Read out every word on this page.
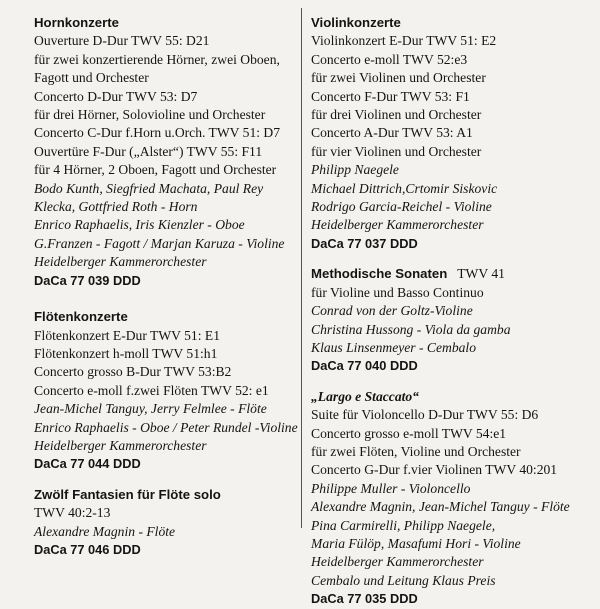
Hornkonzerte
Ouverture D-Dur TWV 55: D21
für zwei konzertierende Hörner, zwei Oboen,
Fagott und Orchester
Concerto D-Dur TWV 53: D7
für drei Hörner, Solovioline und Orchester
Concerto C-Dur f.Horn u.Orch. TWV 51: D7
Ouvertüre F-Dur („Alster“) TWV 55: F11
für 4 Hörner, 2 Oboen, Fagott und Orchester
Bodo Kunth, Siegfried Machata, Paul Rey
Klecka, Gottfried Roth - Horn
Enrico Raphaelis, Iris Kienzler - Oboe
G.Franzen - Fagott / Marjan Karuza - Violine
Heidelberger Kammerorchester
DaCa 77 039 DDD
Flötenkonzerte
Flötenkonzert E-Dur TWV 51: E1
Flötenkonzert h-moll TWV 51:h1
Concerto grosso B-Dur TWV 53:B2
Concerto e-moll f.zwei Flöten TWV 52: e1
Jean-Michel Tanguy, Jerry Felmlee - Flöte
Enrico Raphaelis - Oboe / Peter Rundel -Violine
Heidelberger Kammerorchester
DaCa 77 044 DDD
Zwölf Fantasien für Flöte solo
TWV 40:2-13
Alexandre Magnin - Flöte
DaCa 77 046 DDD
Violinkonzerte
Violinkonzert E-Dur TWV 51: E2
Concerto e-moll TWV 52:e3
für zwei Violinen und Orchester
Concerto F-Dur TWV 53: F1
für drei Violinen und Orchester
Concerto A-Dur TWV 53: A1
für vier Violinen und Orchester
Philipp Naegele
Michael Dittrich,Crtomir Siskovic
Rodrigo Garcia-Reichel - Violine
Heidelberger Kammerorchester
DaCa 77 037 DDD
Methodische Sonaten   TWV 41
für Violine und Basso Continuo
Conrad von der Goltz-Violine
Christina Hussong - Viola da gamba
Klaus Linsenmeyer - Cembalo
DaCa 77 040 DDD
„Largo e Staccato“
Suite für Violoncello D-Dur TWV 55: D6
Concerto grosso e-moll TWV 54:e1
für zwei Flöten, Violine und Orchester
Concerto G-Dur f.vier Violinen TWV 40:201
Philippe Muller - Violoncello
Alexandre Magnin, Jean-Michel Tanguy - Flöte
Pina Carmirelli, Philipp Naegele,
Maria Fülöp, Masafumi Hori - Violine
Heidelberger Kammerorchester
Cembalo und Leitung Klaus Preis
DaCa 77 035 DDD
